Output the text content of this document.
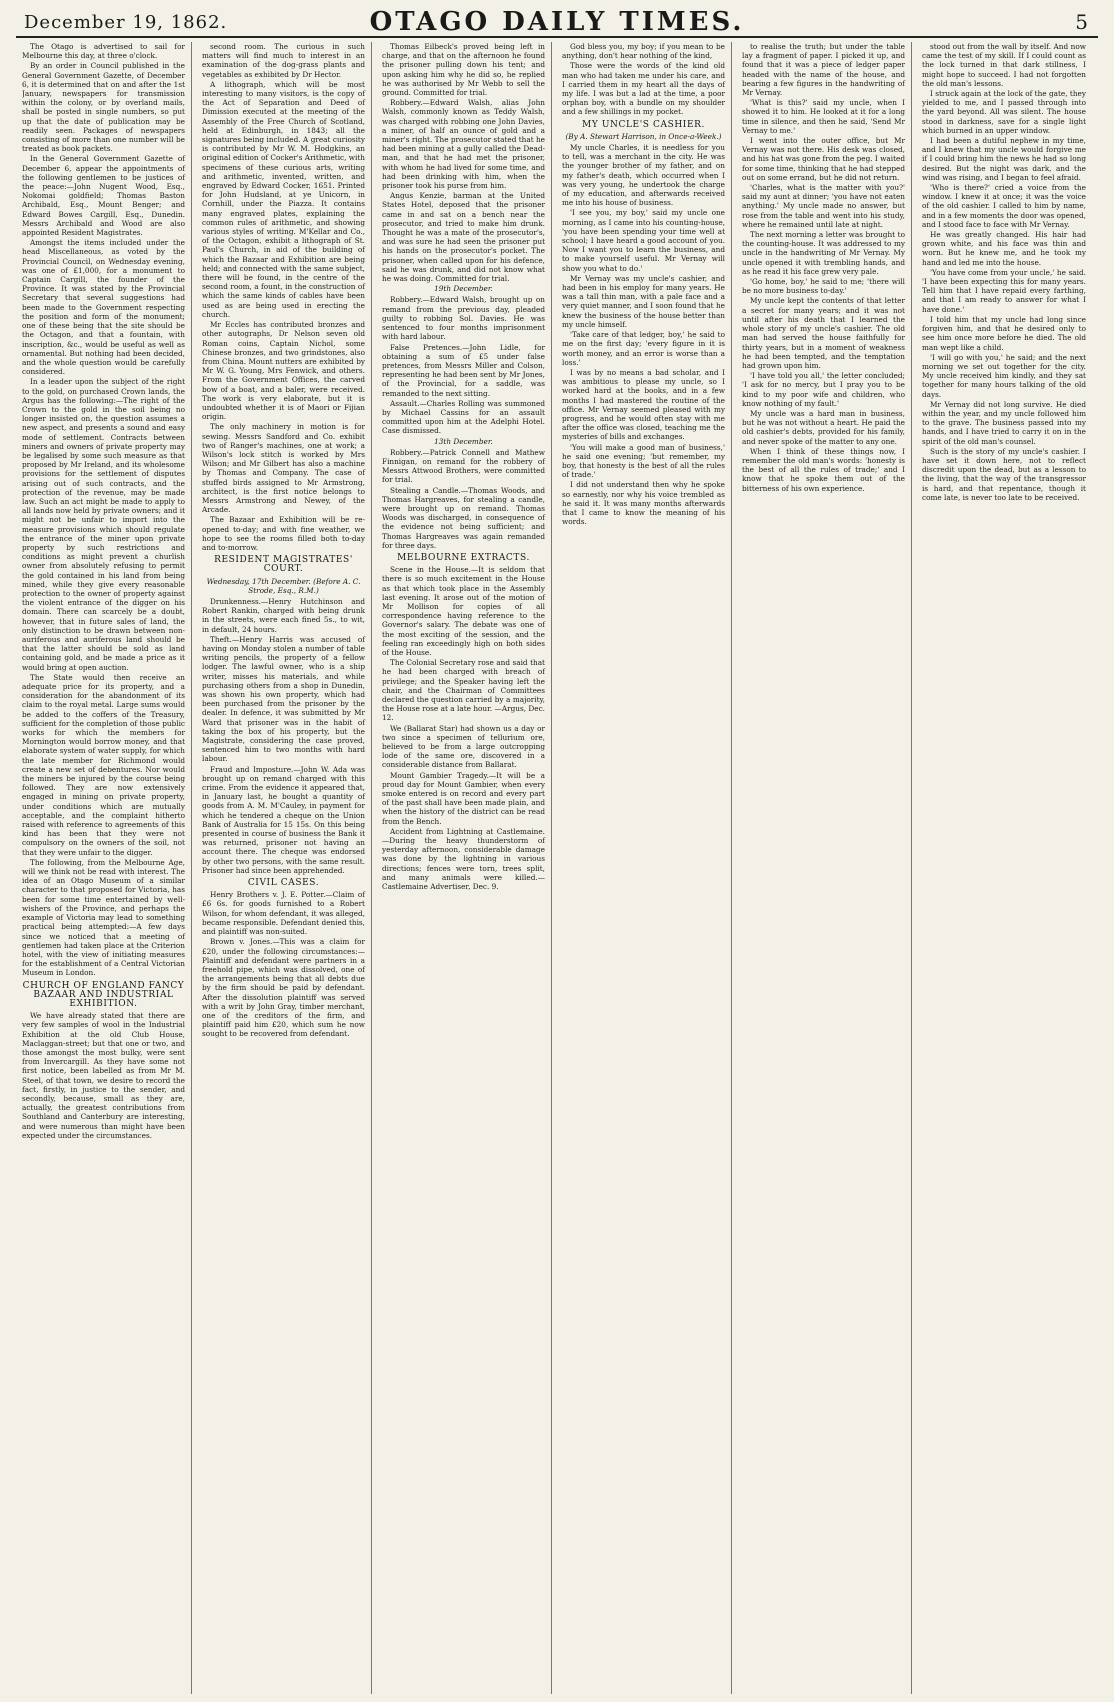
December 19, 1862.	OTAGO DAILY TIMES.	5

The Otago is advertised to sail for Melbourne this day, at three o'clock.

By an order in Council published in the General Government Gazette, of December 6, it is determined that on and after the 1st January, newspapers for transmission within the colony, or by overland mails, shall be posted in single numbers, so put up that the date of publication may be readily seen. Packages of newspapers consisting of more than one number will be treated as book packets.

In the General Government Gazette of December 6, appear the appointments of the following gentlemen to be justices of the peace:—John Nugent Wood, Esq., Nokomai goldfield; Thomas Baston Archibald, Esq., Mount Benger; and Edward Bowes Cargill, Esq., Dunedin. Messrs Archibald and Wood are also appointed Resident Magistrates.

Amongst the items included under the head Miscellaneous, as voted by the Provincial Council, on Wednesday evening, was one of £1,000, for a monument to Captain Cargill, the founder of the Province. It was stated by the Provincial Secretary that several suggestions had been made to the Government respecting the position and form of the monument; one of these being that the site should be the Octagon, and that a fountain, with inscription, &c., would be useful as well as ornamental. But nothing had been decided, and the whole question would be carefully considered.

In a leader upon the subject of the right to the gold, on purchased Crown lands, the Argus has the following:—The right of the Crown to the gold in the soil being no longer insisted on, the question assumes a new aspect, and presents a sound and easy mode of settlement. Contracts between miners and owners of private property may be legalised by some such measure as that proposed by Mr Ireland, and its wholesome provisions for the settlement of disputes arising out of such contracts, and the protection of the revenue, may be made law. Such an act might be made to apply to all lands now held by private owners; and it might not be unfair to import into the measure provisions which should regulate the entrance of the miner upon private property by such restrictions and conditions as might prevent a churlish owner from absolutely refusing to permit the gold contained in his land from being mined, while they give every reasonable protection to the owner of property against the violent entrance of the digger on his domain. There can scarcely be a doubt, however, that in future sales of land, the only distinction to be drawn between non-auriferous and auriferous land should be that the latter should be sold as land containing gold, and be made a price as it would bring at open auction.

The State would then receive an adequate price for its property, and a consideration for the abandonment of its claim to the royal metal. Large sums would be added to the coffers of the Treasury, sufficient for the completion of those public works for which the members for Mornington would borrow money, and that elaborate system of water supply, for which the late member for Richmond would create a new set of debentures. Nor would the miners be injured by the course being followed. They are now extensively engaged in mining on private property, under conditions which are mutually acceptable, and the complaint hitherto raised with reference to agreements of this kind has been that they were not compulsory on the owners of the soil, not that they were unfair to the digger.

The following, from the Melbourne Age, will we think not be read with interest. The idea of an Otago Museum of a similar character to that proposed for Victoria, has been for some time entertained by well-wishers of the Province, and perhaps the example of Victoria may lead to something practical being attempted:—A few days since we noticed that a meeting of gentlemen had taken place at the Criterion hotel, with the view of initiating measures for the establishment of a Central Victorian Museum in London.

CHURCH OF ENGLAND FANCY BAZAAR AND INDUSTRIAL EXHIBITION.

We have already stated that there are very few samples of wool in the Industrial Exhibition at the old Club House, Maclaggan-street; but that one or two, and those amongst the most bulky, were sent from Invercargill. As they have some not first notice, been labelled as from Mr M. Steel, of that town, we desire to record the fact, firstly, in justice to the sender, and secondly, because, small as they are, actually, the greatest contributions from Southland and Canterbury are interesting, and were numerous than might have been expected under the circumstances.

second room. The curious in such matters will find much to interest in an examination of the dog-grass plants and vegetables as exhibited by Dr Hector.

A lithograph, which will be most interesting to many visitors, is the copy of the Act of Separation and Deed of Dimission executed at the meeting of the Assembly of the Free Church of Scotland, held at Edinburgh, in 1843; all the signatures being included. A great curiosity is contributed by Mr W. M. Hodgkins, an original edition of Cocker's Arithmetic, with specimens of these curious arts, writing and arithmetic, invented, written, and engraved by Edward Cocker, 1651. Printed for John Hudsland, at ye Unicorn, in Cornhill, under the Piazza. It contains many engraved plates, explaining the common rules of arithmetic, and showing various styles of writing. M'Kellar and Co., of the Octagon, exhibit a lithograph of St. Paul's Church, in aid of the building of which the Bazaar and Exhibition are being held; and connected with the same subject, there will be found, in the centre of the second room, a fount, in the construction of which the same kinds of cables have been used as are being used in erecting the church.

Mr Eccles has contributed bronzes and other autographs, Dr Nelson seven old Roman coins, Captain Nichol, some Chinese bronzes, and two grindstones, also from China. Mount nutters are exhibited by Mr W. G. Young, Mrs Fenwick, and others. From the Government Offices, the carved bow of a boat, and a baler, were received. The work is very elaborate, but it is undoubted whether it is of Maori or Fijian origin.

The only machinery in motion is for sewing. Messrs Sandford and Co. exhibit two of Ranger's machines, one at work; a Wilson's lock stitch is worked by Mrs Wilson; and Mr Gilbert has also a machine by Thomas and Company. The case of stuffed birds assigned to Mr Armstrong, architect, is the first notice belongs to Messrs Armstrong and Newey, of the Arcade.

The Bazaar and Exhibition will be re-opened to-day; and with fine weather, we hope to see the rooms filled both to-day and to-morrow.

RESIDENT MAGISTRATES' COURT.
Wednesday, 17th December. (Before A. C. Strode, Esq., R.M.)

Drunkenness.—Henry Hutchinson and Robert Rankin, charged with being drunk in the streets, were each fined 5s., to wit, in default, 24 hours.

Theft.—Henry Harris was accused of having on Monday stolen a number of table writing pencils, the property of a fellow lodger. The lawful owner, who is a ship writer, misses his materials, and while purchasing others from a shop in Dunedin, was shown his own property, which had been purchased from the prisoner by the dealer. In defence, it was submitted by Mr Ward that prisoner was in the habit of taking the box of his property, but the Magistrate, considering the case proved, sentenced him to two months with hard labour.

Fraud and Imposture.—John W. Ada was brought up on remand charged with this crime. From the evidence it appeared that, in January last, he bought a quantity of goods from A. M. M'Cauley, in payment for which he tendered a cheque on the Union Bank of Australia for 15 15s. On this being presented in course of business the Bank it was returned, prisoner not having an account there. The cheque was endorsed by other two persons, with the same result. Prisoner had since been apprehended.

CIVIL CASES.

Henry Brothers v. J. E. Potter.—Claim of £6 6s. for goods furnished to a Robert Wilson, for whom defendant, it was alleged, became responsible. Defendant denied this, and plaintiff was non-suited.

Brown v. Jones.—This was a claim for £20, under the following circumstances:—Plaintiff and defendant were partners in a freehold pipe, which was dissolved, one of the arrangements being that all debts due by the firm should be paid by defendant. After the dissolution plaintiff was served with a writ by John Gray, timber merchant, one of the creditors of the firm, and plaintiff paid him £20, which sum he now sought to be recovered from defendant.

Thomas Eilbeck's proved being left in charge, and that on the afternoon he found the prisoner pulling down his tent; and upon asking him why he did so, he replied he was authorised by Mr Webb to sell the ground. Committed for trial.

Robbery.—Edward Walsh, alias John Walsh, commonly known as Teddy Walsh, was charged with robbing one John Davies, a miner, of half an ounce of gold and a miner's right. The prosecutor stated that he had been mining at a gully called the Dead-man, and that he had met the prisoner, with whom he had lived for some time, and had been drinking with him, when the prisoner took his purse from him.

Angus Kenzie, barman at the United States Hotel, deposed that the prisoner came in and sat on a bench near the prosecutor, and tried to make him drunk. Thought he was a mate of the prosecutor's, and was sure he had seen the prisoner put his hands on the prosecutor's pocket. The prisoner, when called upon for his defence, said he was drunk, and did not know what he was doing. Committed for trial.

19th December.

Robbery.—Edward Walsh, brought up on remand from the previous day, pleaded guilty to robbing Sol. Davies. He was sentenced to four months imprisonment with hard labour.

False Pretences.—John Lidle, for obtaining a sum of £5 under false pretences, from Messrs Miller and Colson, representing he had been sent by Mr Jones, of the Provincial, for a saddle, was remanded to the next sitting.

Assault.—Charles Rolling was summoned by Michael Cassins for an assault committed upon him at the Adelphi Hotel. Case dismissed.

13th December.

Robbery.—Patrick Connell and Mathew Finnigan, on remand for the robbery of Messrs Attwood Brothers, were committed for trial.

Stealing a Candle.—Thomas Woods, and Thomas Hargreaves, for stealing a candle, were brought up on remand. Thomas Woods was discharged, in consequence of the evidence not being sufficient; and Thomas Hargreaves was again remanded for three days.

MELBOURNE EXTRACTS.

Scene in the House.—It is seldom that there is so much excitement in the House as that which took place in the Assembly last evening. It arose out of the motion of Mr Mollison for copies of all correspondence having reference to the Governor's salary. The debate was one of the most exciting of the session, and the feeling ran exceedingly high on both sides of the House.

The Colonial Secretary rose and said that he had been charged with breach of privilege; and the Speaker having left the chair, and the Chairman of Committees declared the question carried by a majority, the House rose at a late hour. —Argus, Dec. 12.

We (Ballarat Star) had shown us a day or two since a specimen of tellurium ore, believed to be from a large outcropping lode of the same ore, discovered in a considerable distance from Ballarat.

Mount Gambier Tragedy.—It will be a proud day for Mount Gambier, when every smoke entered is on record and every part of the past shall have been made plain, and when the history of the district can be read from the Bench.

Accident from Lightning at Castlemaine.—During the heavy thunderstorm of yesterday afternoon, considerable damage was done by the lightning in various directions; fences were torn, trees split, and many animals were killed.—Castlemaine Advertiser, Dec. 9.

God bless you, my boy; if you mean to be anything, don't hear nothing of the kind,

Those were the words of the kind old man who had taken me under his care, and I carried them in my heart all the days of my life. I was but a lad at the time, a poor orphan boy, with a bundle on my shoulder and a few shillings in my pocket.

MY UNCLE'S CASHIER.
(By A. Stewart Harrison, in Once-a-Week.)

My uncle Charles, it is needless for you to tell, was a merchant in the city. He was the younger brother of my father, and on my father's death, which occurred when I was very young, he undertook the charge of my education, and afterwards received me into his house of business.

'I see you, my boy,' said my uncle one morning, as I came into his counting-house, 'you have been spending your time well at school; I have heard a good account of you. Now I want you to learn the business, and to make yourself useful. Mr Vernay will show you what to do.'

Mr Vernay was my uncle's cashier, and had been in his employ for many years. He was a tall thin man, with a pale face and a very quiet manner, and I soon found that he knew the business of the house better than my uncle himself.

'Take care of that ledger, boy,' he said to me on the first day; 'every figure in it is worth money, and an error is worse than a loss.'

I was by no means a bad scholar, and I was ambitious to please my uncle, so I worked hard at the books, and in a few months I had mastered the routine of the office. Mr Vernay seemed pleased with my progress, and he would often stay with me after the office was closed, teaching me the mysteries of bills and exchanges.

'You will make a good man of business,' he said one evening; 'but remember, my boy, that honesty is the best of all the rules of trade.'

I did not understand then why he spoke so earnestly, nor why his voice trembled as he said it. It was many months afterwards that I came to know the meaning of his words.

to realise the truth; but under the table lay a fragment of paper. I picked it up, and found that it was a piece of ledger paper headed with the name of the house, and bearing a few figures in the handwriting of Mr Vernay.

'What is this?' said my uncle, when I showed it to him. He looked at it for a long time in silence, and then he said, 'Send Mr Vernay to me.'

I went into the outer office, but Mr Vernay was not there. His desk was closed, and his hat was gone from the peg. I waited for some time, thinking that he had stepped out on some errand, but he did not return.

'Charles, what is the matter with you?' said my aunt at dinner; 'you have not eaten anything.' My uncle made no answer, but rose from the table and went into his study, where he remained until late at night.

The next morning a letter was brought to the counting-house. It was addressed to my uncle in the handwriting of Mr Vernay. My uncle opened it with trembling hands, and as he read it his face grew very pale.

'Go home, boy,' he said to me; 'there will be no more business to-day.'

My uncle kept the contents of that letter a secret for many years; and it was not until after his death that I learned the whole story of my uncle's cashier. The old man had served the house faithfully for thirty years, but in a moment of weakness he had been tempted, and the temptation had grown upon him.

'I have told you all,' the letter concluded; 'I ask for no mercy, but I pray you to be kind to my poor wife and children, who know nothing of my fault.'

My uncle was a hard man in business, but he was not without a heart. He paid the old cashier's debts, provided for his family, and never spoke of the matter to any one.

When I think of these things now, I remember the old man's words: 'honesty is the best of all the rules of trade;' and I know that he spoke them out of the bitterness of his own experience.

stood out from the wall by itself. And now came the test of my skill. If I could count as the lock turned in that dark stillness, I might hope to succeed. I had not forgotten the old man's lessons.

I struck again at the lock of the gate, they yielded to me, and I passed through into the yard beyond. All was silent. The house stood in darkness, save for a single light which burned in an upper window.

I had been a dutiful nephew in my time, and I knew that my uncle would forgive me if I could bring him the news he had so long desired. But the night was dark, and the wind was rising, and I began to feel afraid.

'Who is there?' cried a voice from the window. I knew it at once; it was the voice of the old cashier. I called to him by name, and in a few moments the door was opened, and I stood face to face with Mr Vernay.

He was greatly changed. His hair had grown white, and his face was thin and worn. But he knew me, and he took my hand and led me into the house.

'You have come from your uncle,' he said. 'I have been expecting this for many years. Tell him that I have repaid every farthing, and that I am ready to answer for what I have done.'

I told him that my uncle had long since forgiven him, and that he desired only to see him once more before he died. The old man wept like a child.

'I will go with you,' he said; and the next morning we set out together for the city. My uncle received him kindly, and they sat together for many hours talking of the old days.

Mr Vernay did not long survive. He died within the year, and my uncle followed him to the grave. The business passed into my hands, and I have tried to carry it on in the spirit of the old man's counsel.

Such is the story of my uncle's cashier. I have set it down here, not to reflect discredit upon the dead, but as a lesson to the living, that the way of the transgressor is hard, and that repentance, though it come late, is never too late to be received.
